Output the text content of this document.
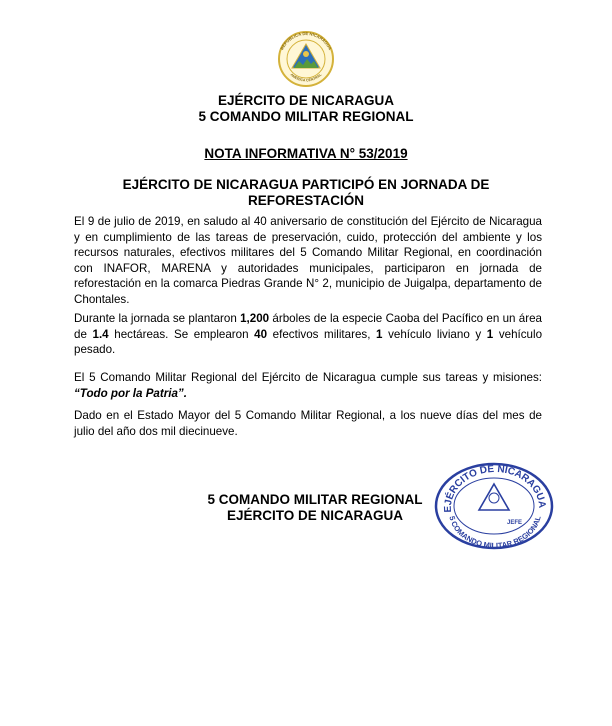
REPUBLICA DE NICARAGUA
AMERICA CENTRAL
EJÉRCITO DE NICARAGUA
5 COMANDO MILITAR REGIONAL
NOTA INFORMATIVA N° 53/2019
EJÉRCITO DE NICARAGUA PARTICIPÓ EN JORNADA DE
REFORESTACIÓN

El 9 de julio de 2019, en saludo al 40 aniversario de constitución del Ejército de Nicaragua y en cumplimiento de las tareas de preservación, cuido, protección del ambiente y los recursos naturales, efectivos militares del 5 Comando Militar Regional, en coordinación con INAFOR, MARENA y autoridades municipales, participaron en jornada de reforestación en la comarca Piedras Grande N° 2, municipio de Juigalpa, departamento de Chontales.

Durante la jornada se plantaron 1,200 árboles de la especie Caoba del Pacífico en un área de 1.4 hectáreas. Se emplearon 40 efectivos militares, 1 vehículo liviano y 1 vehículo pesado.

El 5 Comando Militar Regional del Ejército de Nicaragua cumple sus tareas y misiones: “Todo por la Patria”.

Dado en el Estado Mayor del 5 Comando Militar Regional, a los nueve días del mes de julio del año dos mil diecinueve.

5 COMANDO MILITAR REGIONAL
EJÉRCITO DE NICARAGUA	EJÉRCITO DE NICARAGUA
5 COMANDO MILITAR REGIONAL
JEFE
